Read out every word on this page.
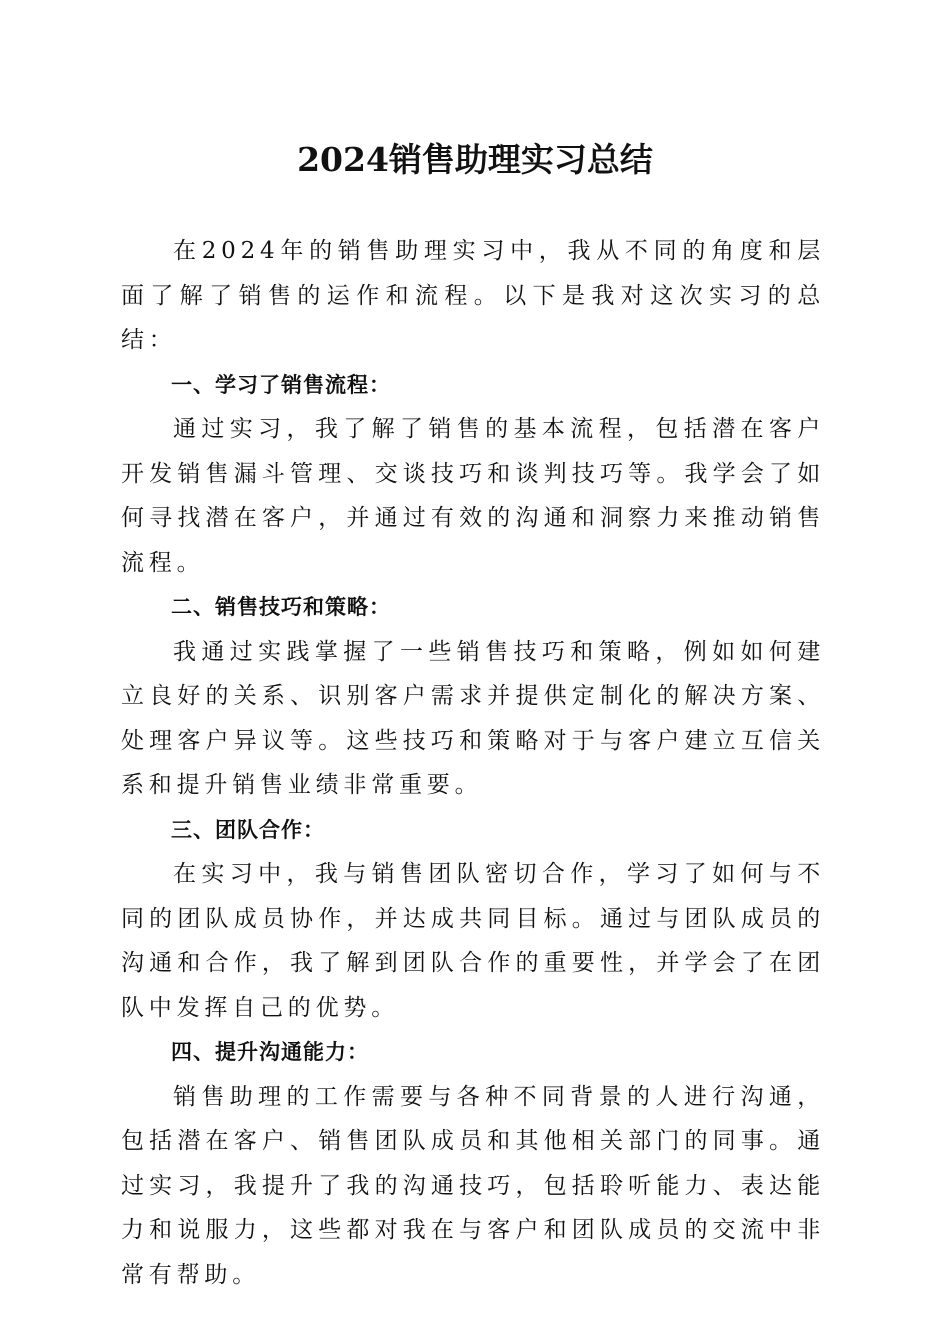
2024销售助理实习总结

在2024年的销售助理实习中，我从不同的角度和层面了解了销售的运作和流程。以下是我对这次实习的总结：

一、学习了销售流程：

通过实习，我了解了销售的基本流程，包括潜在客户开发销售漏斗管理、交谈技巧和谈判技巧等。我学会了如何寻找潜在客户，并通过有效的沟通和洞察力来推动销售流程。

二、销售技巧和策略：

我通过实践掌握了一些销售技巧和策略，例如如何建立良好的关系、识别客户需求并提供定制化的解决方案、处理客户异议等。这些技巧和策略对于与客户建立互信关系和提升销售业绩非常重要。

三、团队合作：

在实习中，我与销售团队密切合作，学习了如何与不同的团队成员协作，并达成共同目标。通过与团队成员的沟通和合作，我了解到团队合作的重要性，并学会了在团队中发挥自己的优势。

四、提升沟通能力：

销售助理的工作需要与各种不同背景的人进行沟通，包括潜在客户、销售团队成员和其他相关部门的同事。通过实习，我提升了我的沟通技巧，包括聆听能力、表达能力和说服力，这些都对我在与客户和团队成员的交流中非常有帮助。
